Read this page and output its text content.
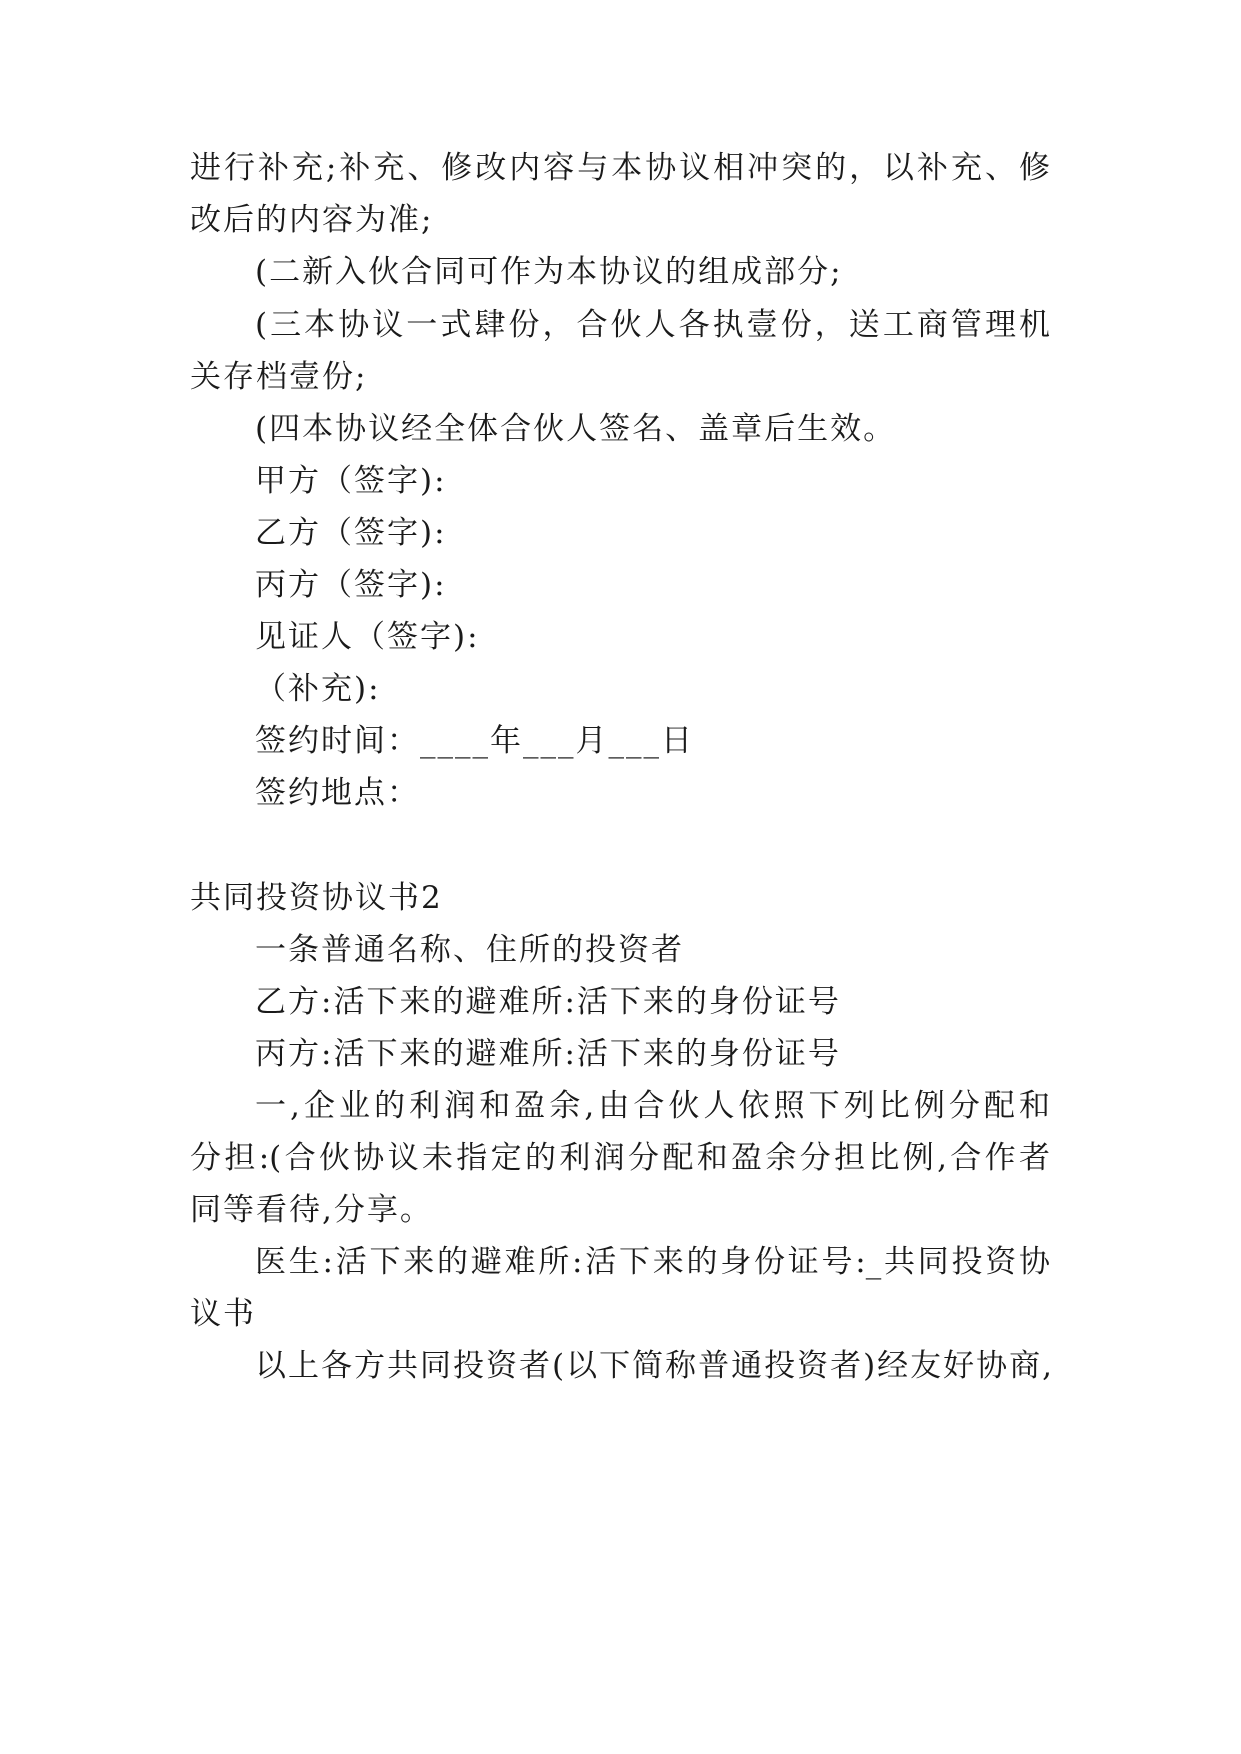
进行补充;补充、修改内容与本协议相冲突的，以补充、修
改后的内容为准;
(二新入伙合同可作为本协议的组成部分;
(三本协议一式肆份，合伙人各执壹份，送工商管理机
关存档壹份;
(四本协议经全体合伙人签名、盖章后生效。
甲方（签字):
乙方（签字):
丙方（签字):
见证人（签字):
（补充):
签约时间：____年___月___日
签约地点：
共同投资协议书2
一条普通名称、住所的投资者
乙方:活下来的避难所:活下来的身份证号
丙方:活下来的避难所:活下来的身份证号
一,企业的利润和盈余,由合伙人依照下列比例分配和
分担:(合伙协议未指定的利润分配和盈余分担比例,合作者
同等看待,分享。
医生:活下来的避难所:活下来的身份证号:_共同投资协
议书
以上各方共同投资者(以下简称普通投资者)经友好协商,
